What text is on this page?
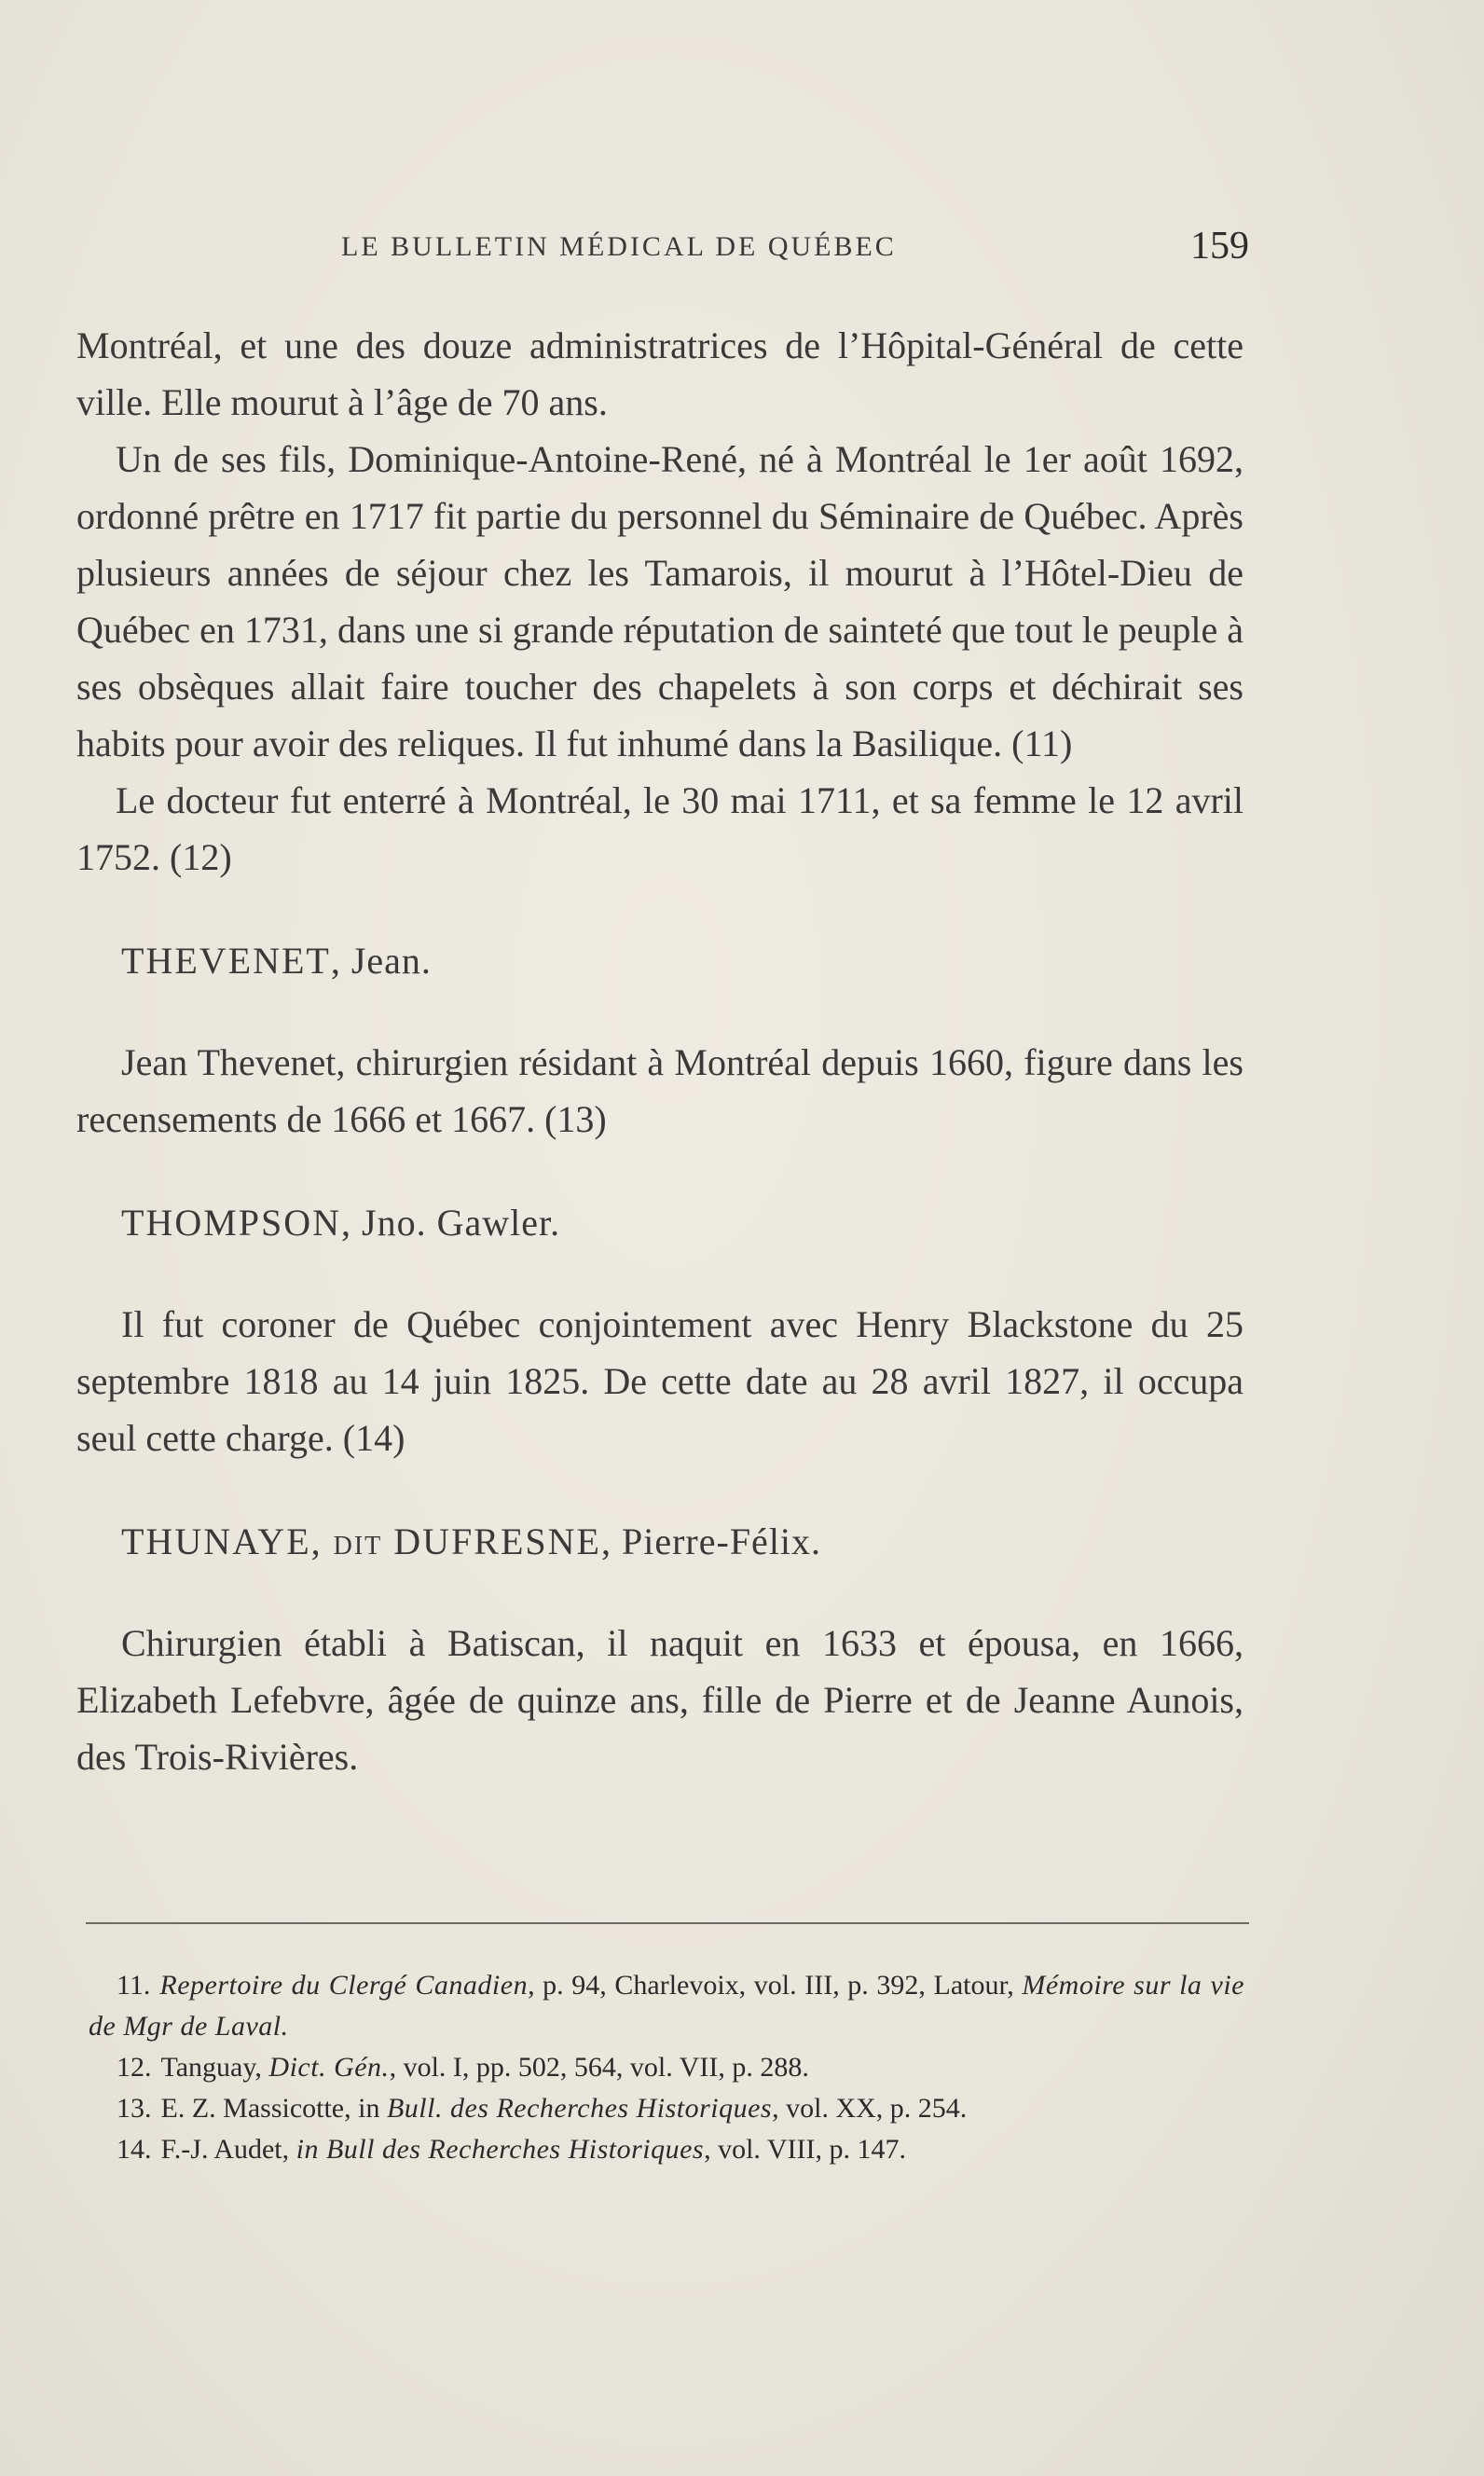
LE BULLETIN MÉDICAL DE QUÉBEC	159

Montréal, et une des douze administratrices de l’Hôpital-Général de cette ville. Elle mourut à l’âge de 70 ans.

Un de ses fils, Dominique-Antoine-René, né à Montréal le 1er août 1692, ordonné prêtre en 1717 fit partie du personnel du Séminaire de Québec. Après plusieurs années de séjour chez les Tamarois, il mourut à l’Hôtel-Dieu de Québec en 1731, dans une si grande réputation de sainteté que tout le peuple à ses obsèques allait faire toucher des chapelets à son corps et déchirait ses habits pour avoir des reliques. Il fut inhumé dans la Basilique. (11)

Le docteur fut enterré à Montréal, le 30 mai 1711, et sa femme le 12 avril 1752. (12)

THEVENET, Jean.

Jean Thevenet, chirurgien résidant à Montréal depuis 1660, figure dans les recensements de 1666 et 1667. (13)

THOMPSON, Jno. Gawler.

Il fut coroner de Québec conjointement avec Henry Blackstone du 25 septembre 1818 au 14 juin 1825. De cette date au 28 avril 1827, il occupa seul cette charge. (14)

THUNAYE, dit DUFRESNE, Pierre-Félix.

Chirurgien établi à Batiscan, il naquit en 1633 et épousa, en 1666, Elizabeth Lefebvre, âgée de quinze ans, fille de Pierre et de Jeanne Aunois, des Trois-Rivières.

11. Repertoire du Clergé Canadien, p. 94, Charlevoix, vol. III, p. 392, Latour, Mémoire sur la vie de Mgr de Laval.

12. Tanguay, Dict. Gén., vol. I, pp. 502, 564, vol. VII, p. 288.

13. E. Z. Massicotte, in Bull. des Recherches Historiques, vol. XX, p. 254.

14. F.-J. Audet, in Bull des Recherches Historiques, vol. VIII, p. 147.
